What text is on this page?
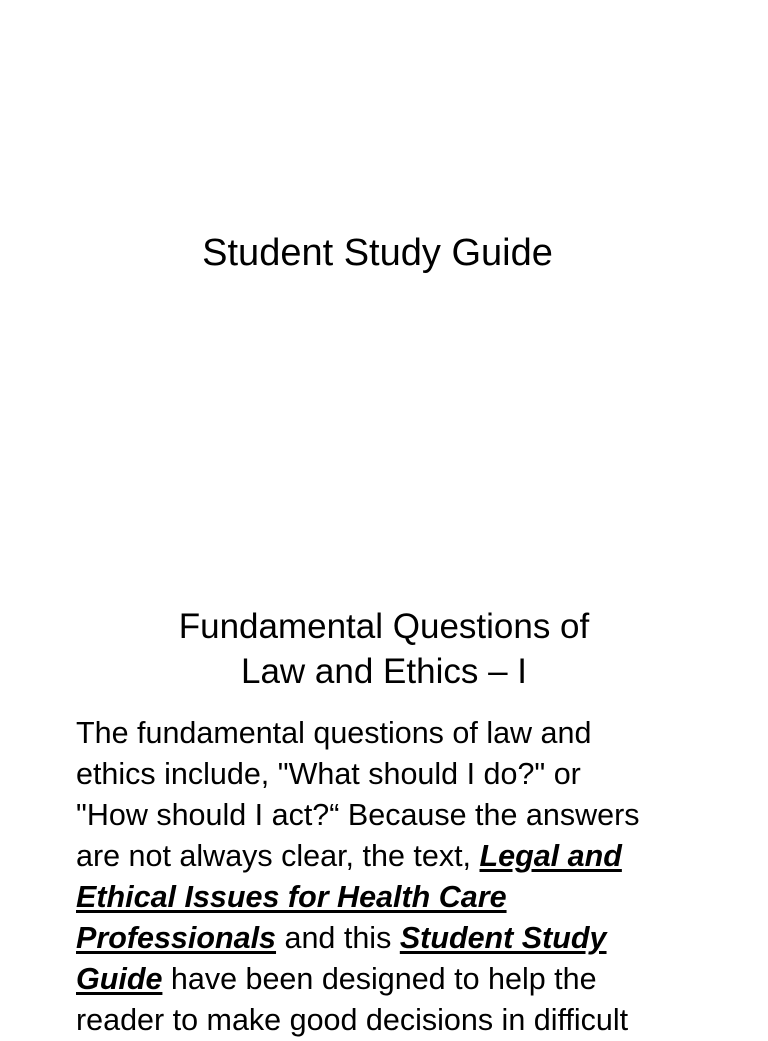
Student Study Guide
Fundamental Questions of
Law and Ethics – I

The fundamental questions of law and
ethics include, "What should I do?" or
"How should I act?“ Because the answers
are not always clear, the text, Legal and
Ethical Issues for Health Care
Professionals and this Student Study
Guide have been designed to help the
reader to make good decisions in difficult
